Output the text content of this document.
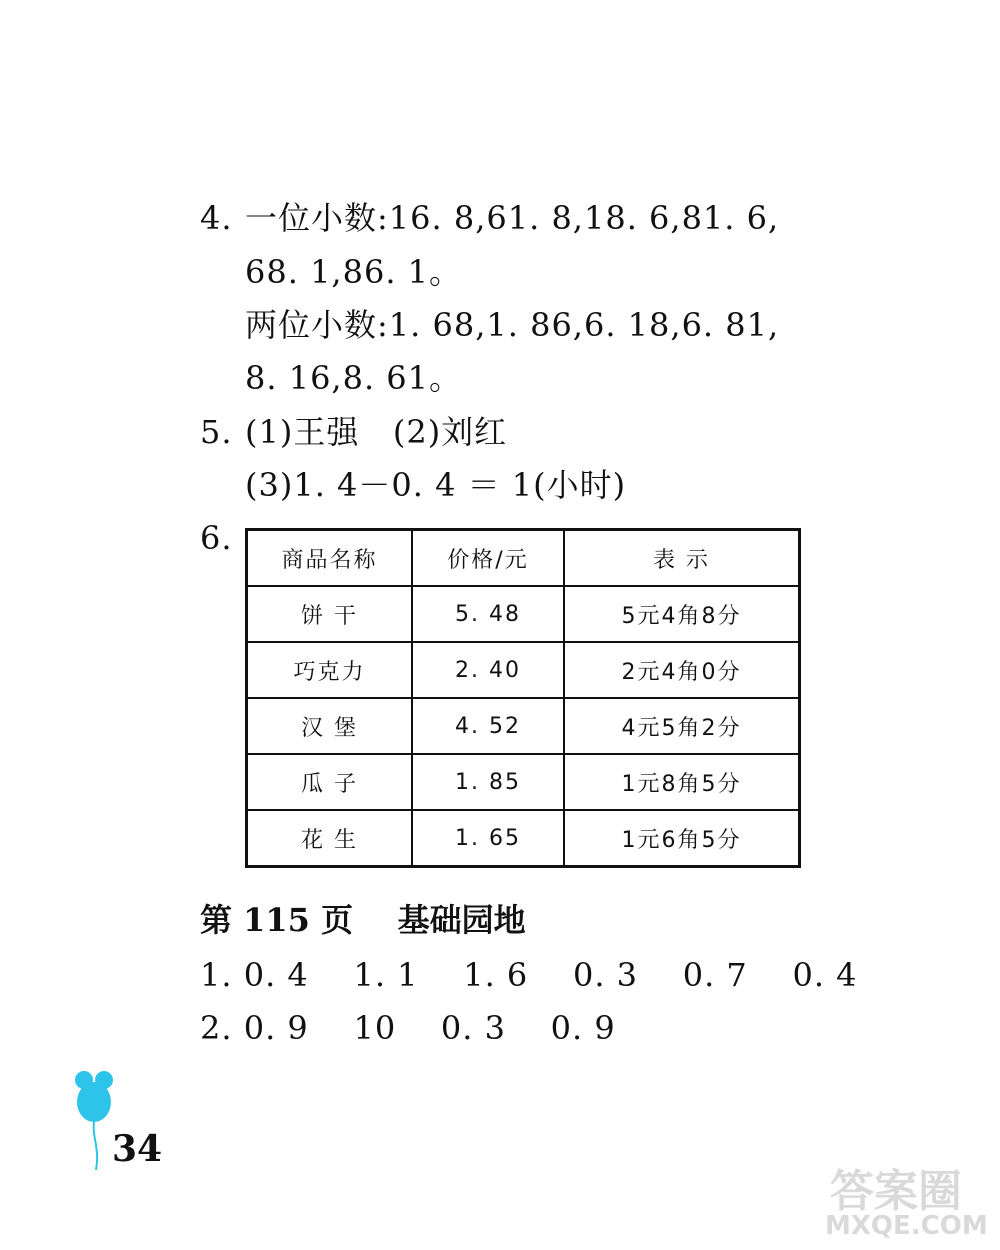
4. 一位小数:16. 8,61. 8,18. 6,81. 6,
68. 1,86. 1。
两位小数:1. 68,1. 86,6. 18,6. 81,
8. 16,8. 61。
5. (1)王强   (2)刘红
(3)1. 4－0. 4 ＝ 1(小时)
6.
商品名称	价格/元	表 示
饼 干	5. 48	5元4角8分
巧克力	2. 40	2元4角0分
汉 堡	4. 52	4元5角2分
瓜 子	1. 85	1元8角5分
花 生	1. 65	1元6角5分
第 115 页    基础园地
1. 0. 4    1. 1    1. 6    0. 3    0. 7    0. 4
2. 0. 9    10    0. 3    0. 9
34
答案圈
MXQE.COM
